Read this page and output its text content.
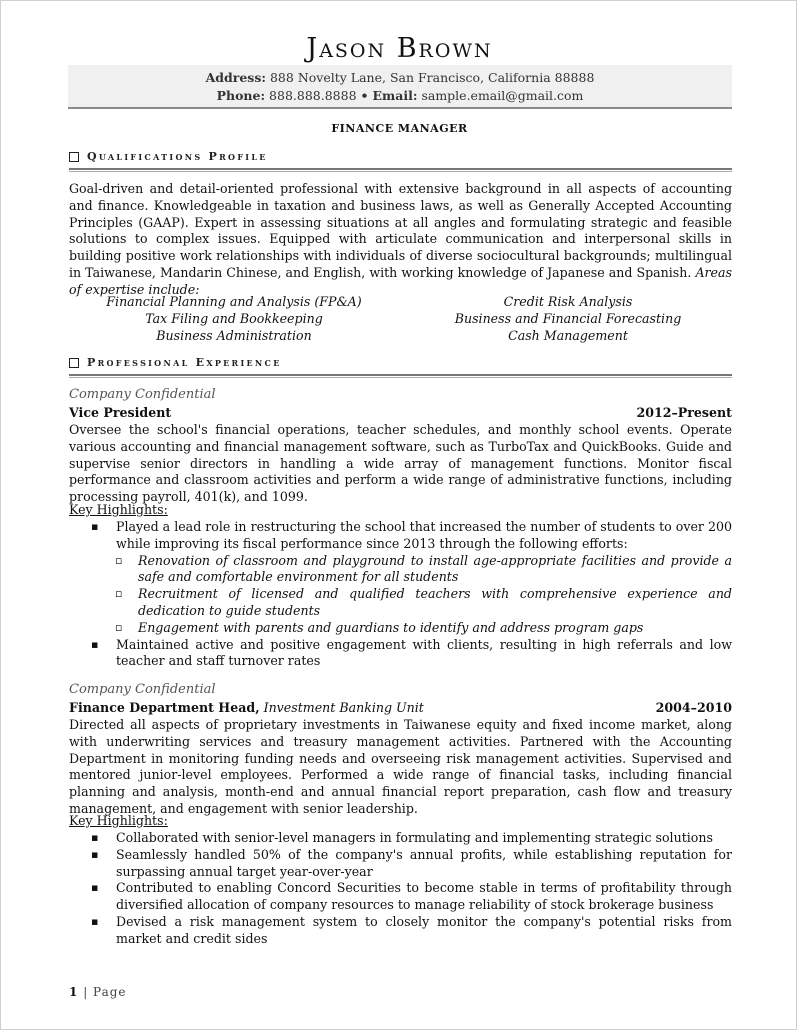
Jason Brown
Address: 888 Novelty Lane, San Francisco, California 88888
Phone: 888.888.8888 • Email: sample.email@gmail.com
FINANCE MANAGER
Qualifications Profile
Goal-driven and detail-oriented professional with extensive background in all aspects of accounting and finance. Knowledgeable in taxation and business laws, as well as Generally Accepted Accounting Principles (GAAP). Expert in assessing situations at all angles and formulating strategic and feasible solutions to complex issues. Equipped with articulate communication and interpersonal skills in building positive work relationships with individuals of diverse sociocultural backgrounds; multilingual in Taiwanese, Mandarin Chinese, and English, with working knowledge of Japanese and Spanish. Areas of expertise include:
Financial Planning and Analysis (FP&A)
Tax Filing and Bookkeeping
Business Administration
Credit Risk Analysis
Business and Financial Forecasting
Cash Management
Professional Experience
Company Confidential
Vice President	2012–Present
Oversee the school's financial operations, teacher schedules, and monthly school events. Operate various accounting and financial management software, such as TurboTax and QuickBooks. Guide and supervise senior directors in handling a wide array of management functions. Monitor fiscal performance and classroom activities and perform a wide range of administrative functions, including processing payroll, 401(k), and 1099.
Key Highlights:
▪ Played a lead role in restructuring the school that increased the number of students to over 200 while improving its fiscal performance since 2013 through the following efforts:
▫ Renovation of classroom and playground to install age-appropriate facilities and provide a safe and comfortable environment for all students
▫ Recruitment of licensed and qualified teachers with comprehensive experience and dedication to guide students
▫ Engagement with parents and guardians to identify and address program gaps
▪ Maintained active and positive engagement with clients, resulting in high referrals and low teacher and staff turnover rates
Company Confidential
Finance Department Head, Investment Banking Unit	2004–2010
Directed all aspects of proprietary investments in Taiwanese equity and fixed income market, along with underwriting services and treasury management activities. Partnered with the Accounting Department in monitoring funding needs and overseeing risk management activities. Supervised and mentored junior-level employees. Performed a wide range of financial tasks, including financial planning and analysis, month-end and annual financial report preparation, cash flow and treasury management, and engagement with senior leadership.
Key Highlights:
▪ Collaborated with senior-level managers in formulating and implementing strategic solutions
▪ Seamlessly handled 50% of the company's annual profits, while establishing reputation for surpassing annual target year-over-year
▪ Contributed to enabling Concord Securities to become stable in terms of profitability through diversified allocation of company resources to manage reliability of stock brokerage business
▪ Devised a risk management system to closely monitor the company's potential risks from market and credit sides
1 | Page
